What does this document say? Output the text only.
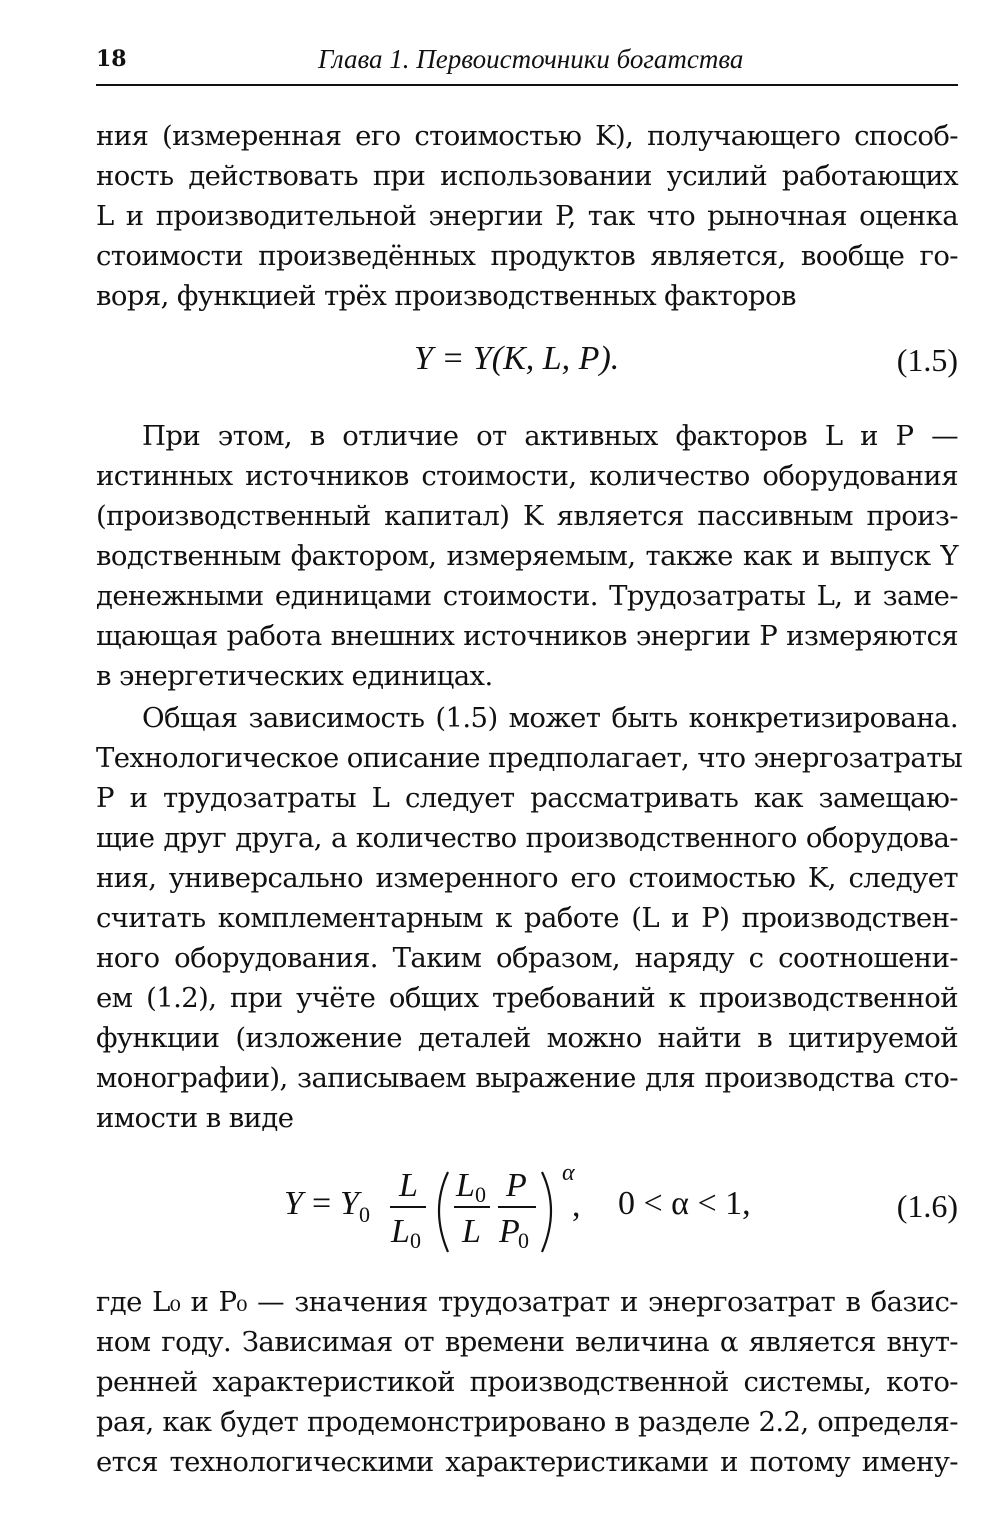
18	Глава 1. Первоисточники богатства
ния (измеренная его стоимостью K), получающего способ-
ность действовать при использовании усилий работающих
L и производительной энергии P, так что рыночная оценка
стоимости произведённых продуктов является, вообще го-
воря, функцией трёх производственных факторов
Y = Y(K, L, P).	(1.5)
При этом, в отличие от активных факторов L и P —
истинных источников стоимости, количество оборудования
(производственный капитал) K является пассивным произ-
водственным фактором, измеряемым, также как и выпуск Y
денежными единицами стоимости. Трудозатраты L, и заме-
щающая работа внешних источников энергии P измеряются
в энергетических единицах.
Общая зависимость (1.5) может быть конкретизирована.
Технологическое описание предполагает, что энергозатраты
P и трудозатраты L следует рассматривать как замещаю-
щие друг друга, а количество производственного оборудова-
ния, универсально измеренного его стоимостью K, следует
считать комплементарным к работе (L и P) производствен-
ного оборудования. Таким образом, наряду с соотношени-
ем (1.2), при учёте общих требований к производственной
функции (изложение деталей можно найти в цитируемой
монографии), записываем выражение для производства сто-
имости в виде
Y = Y 0
L
L 0
L 0
L
P
P
0
α
, 0 < α < 1,	(1.6)
где L₀ и P₀ — значения трудозатрат и энергозатрат в базис-
ном году. Зависимая от времени величина α является внут-
ренней характеристикой производственной системы, кото-
рая, как будет продемонстрировано в разделе 2.2, определя-
ется технологическими характеристиками и потому имену-
